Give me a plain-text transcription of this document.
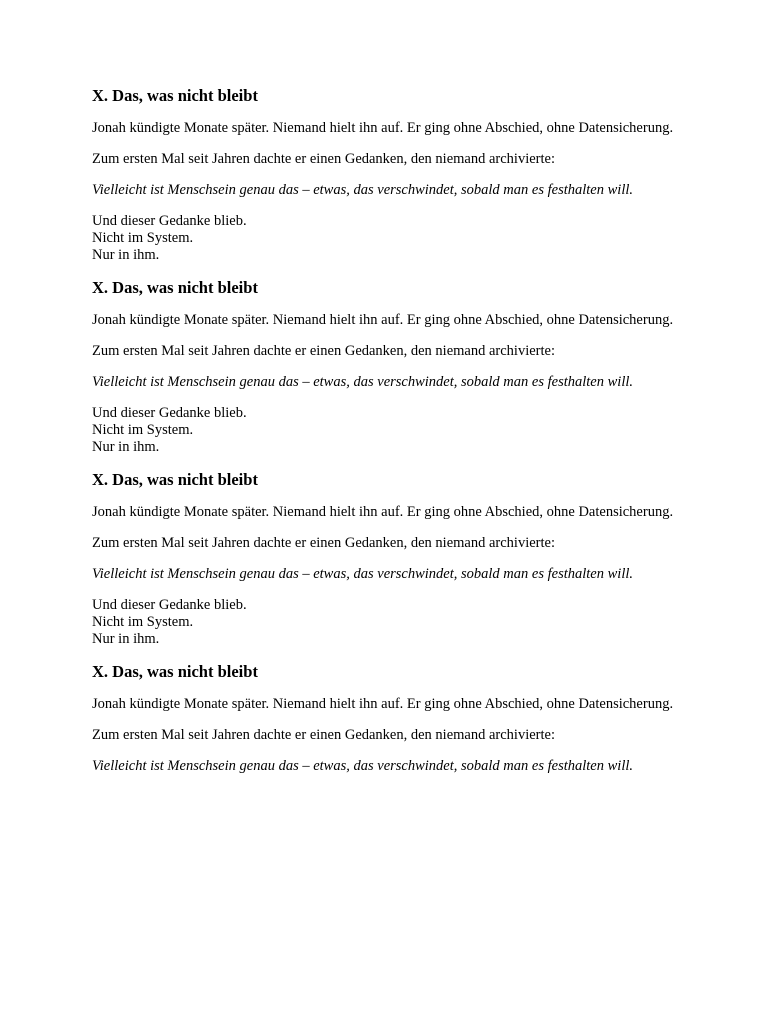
X. Das, was nicht bleibt

Jonah kündigte Monate später. Niemand hielt ihn auf. Er ging ohne Abschied, ohne Datensicherung.

Zum ersten Mal seit Jahren dachte er einen Gedanken, den niemand archivierte:

Vielleicht ist Menschsein genau das – etwas, das verschwindet, sobald man es festhalten will.

Und dieser Gedanke blieb.
Nicht im System.
Nur in ihm.

X. Das, was nicht bleibt

Jonah kündigte Monate später. Niemand hielt ihn auf. Er ging ohne Abschied, ohne Datensicherung.

Zum ersten Mal seit Jahren dachte er einen Gedanken, den niemand archivierte:

Vielleicht ist Menschsein genau das – etwas, das verschwindet, sobald man es festhalten will.

Und dieser Gedanke blieb.
Nicht im System.
Nur in ihm.

X. Das, was nicht bleibt

Jonah kündigte Monate später. Niemand hielt ihn auf. Er ging ohne Abschied, ohne Datensicherung.

Zum ersten Mal seit Jahren dachte er einen Gedanken, den niemand archivierte:

Vielleicht ist Menschsein genau das – etwas, das verschwindet, sobald man es festhalten will.

Und dieser Gedanke blieb.
Nicht im System.
Nur in ihm.

X. Das, was nicht bleibt

Jonah kündigte Monate später. Niemand hielt ihn auf. Er ging ohne Abschied, ohne Datensicherung.

Zum ersten Mal seit Jahren dachte er einen Gedanken, den niemand archivierte:

Vielleicht ist Menschsein genau das – etwas, das verschwindet, sobald man es festhalten will.
